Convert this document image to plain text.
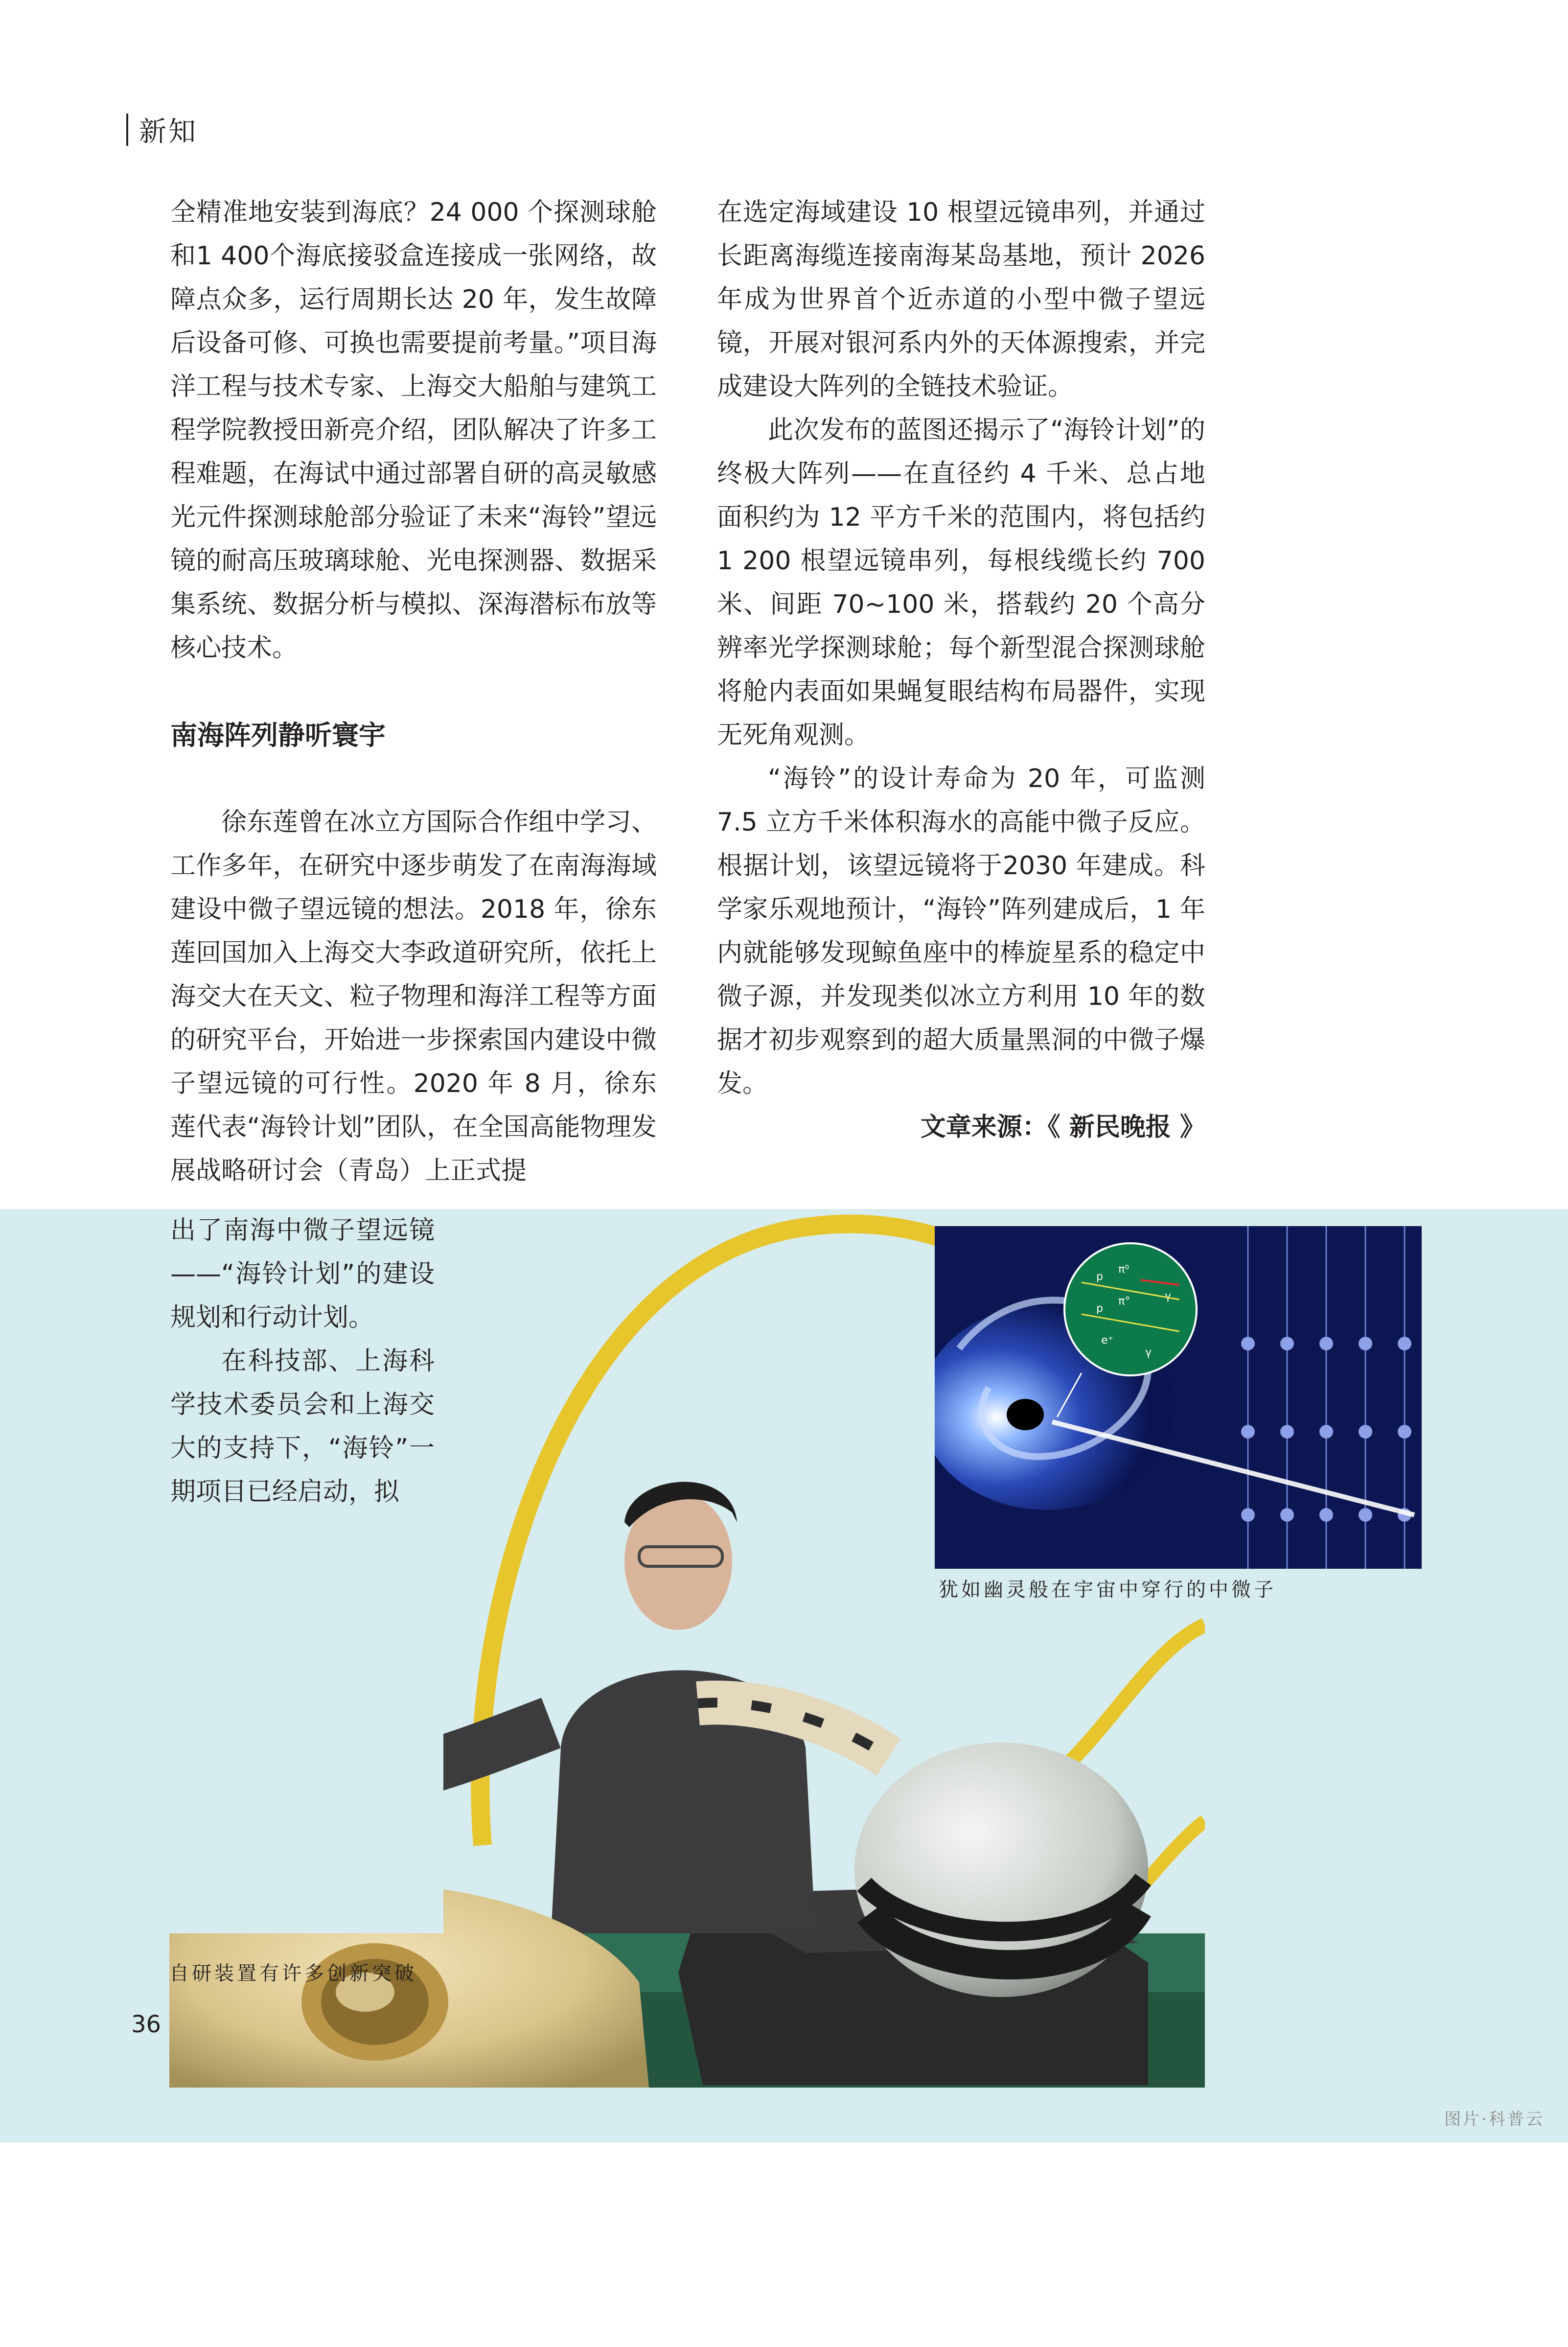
新知

全精准地安装到海底？24 000 个探测球舱和1 400个海底接驳盒连接成一张网络，故障点众多，运行周期长达 20 年，发生故障后设备可修、可换也需要提前考量。”项目海洋工程与技术专家、上海交大船舶与建筑工程学院教授田新亮介绍，团队解决了许多工程难题，在海试中通过部署自研的高灵敏感光元件探测球舱部分验证了未来“海铃”望远镜的耐高压玻璃球舱、光电探测器、数据采集系统、数据分析与模拟、深海潜标布放等核心技术。

南海阵列静听寰宇

徐东莲曾在冰立方国际合作组中学习、工作多年，在研究中逐步萌发了在南海海域建设中微子望远镜的想法。2018 年，徐东莲回国加入上海交大李政道研究所，依托上海交大在天文、粒子物理和海洋工程等方面的研究平台，开始进一步探索国内建设中微子望远镜的可行性。2020 年 8 月，徐东莲代表“海铃计划”团队，在全国高能物理发展战略研讨会（青岛）上正式提

在选定海域建设 10 根望远镜串列，并通过长距离海缆连接南海某岛基地，预计 2026 年成为世界首个近赤道的小型中微子望远镜，开展对银河系内外的天体源搜索，并完成建设大阵列的全链技术验证。

此次发布的蓝图还揭示了“海铃计划”的终极大阵列——在直径约 4 千米、总占地面积约为 12 平方千米的范围内，将包括约 1 200 根望远镜串列，每根线缆长约 700 米、间距 70~100 米，搭载约 20 个高分辨率光学探测球舱；每个新型混合探测球舱将舱内表面如果蝇复眼结构布局器件，实现无死角观测。

“海铃”的设计寿命为 20 年，可监测 7.5 立方千米体积海水的高能中微子反应。根据计划，该望远镜将于2030 年建成。科学家乐观地预计，“海铃”阵列建成后，1 年内就能够发现鲸鱼座中的棒旋星系的稳定中微子源，并发现类似冰立方利用 10 年的数据才初步观察到的超大质量黑洞的中微子爆发。

文章来源：《 新民晚报 》

出了南海中微子望远镜——“海铃计划”的建设规划和行动计划。

在科技部、上海科学技术委员会和上海交大的支持下，“海铃”一期项目已经启动，拟

p
π⁰
p
π°	γ
e⁺
γ
犹如幽灵般在宇宙中穿行的中微子
自研装置有许多创新突破
36
图片·科普云
